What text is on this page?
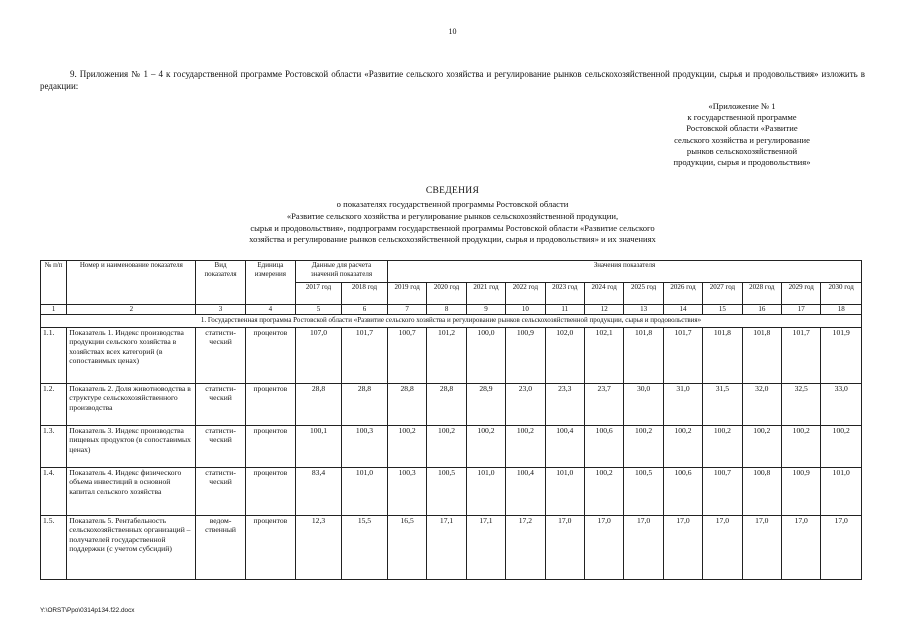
10
9. Приложения № 1 – 4 к государственной программе Ростовской области «Развитие сельского хозяйства и регулирование рынков сельскохозяйственной продукции, сырья и продовольствия» изложить в редакции:
«Приложение № 1
к государственной программе
Ростовской области «Развитие
сельского хозяйства и регулирование
рынков сельскохозяйственной
продукции, сырья и продовольствия»
СВЕДЕНИЯ
о показателях государственной программы Ростовской области
«Развитие сельского хозяйства и регулирование рынков сельскохозяйственной продукции,
сырья и продовольствия», подпрограмм государственной программы Ростовской области «Развитие сельского
хозяйства и регулирование рынков сельскохозяйственной продукции, сырья и продовольствия» и их значениях
№ п/п	Номер и наименование показателя	Вид показателя	Единица измерения	Данные для расчета значений показателя		Значения показателя											
				2017 год	2018 год	2019 год	2020 год	2021 год	2022 год	2023 год	2024 год	2025 год	2026 год	2027 год	2028 год	2029 год	2030 год
1	2	3	4	5	6	7	8	9	10	11	12	13	14	15	16	17	18
1. Государственная программа Ростовской области «Развитие сельского хозяйства и регулирование рынков сельскохозяйственной продукции, сырья и продовольствия»																	
1.1.	Показатель 1. Индекс производства продукции сельского хозяйства в хозяйствах всех категорий (в сопоставимых ценах)	статисти-ческий	процентов	107,0	101,7	100,7	101,2	100,0	100,9	102,0	102,1	101,8	101,7	101,8	101,8	101,7	101,9
1.2.	Показатель 2. Доля животноводства в структуре сельскохозяйственного производства	статисти-ческий	процентов	28,8	28,8	28,8	28,8	28,9	23,0	23,3	23,7	30,0	31,0	31,5	32,0	32,5	33,0
1.3.	Показатель 3. Индекс производства пищевых продуктов (в сопоставимых ценах)	статисти-ческий	процентов	100,1	100,3	100,2	100,2	100,2	100,2	100,4	100,6	100,2	100,2	100,2	100,2	100,2	100,2
1.4.	Показатель 4. Индекс физического объема инвестиций в основной капитал сельского хозяйства	статисти-ческий	процентов	83,4	101,0	100,3	100,5	101,0	100,4	101,0	100,2	100,5	100,6	100,7	100,8	100,9	101,0
1.5.	Показатель 5. Рентабельность сельскохозяйственных организаций – получателей государственной поддержки (с учетом субсидий)	ведом-ственный	процентов	12,3	15,5	16,5	17,1	17,1	17,2	17,0	17,0	17,0	17,0	17,0	17,0	17,0	17,0
Y:\ORST\Ppo\0314p134.f22.docx
